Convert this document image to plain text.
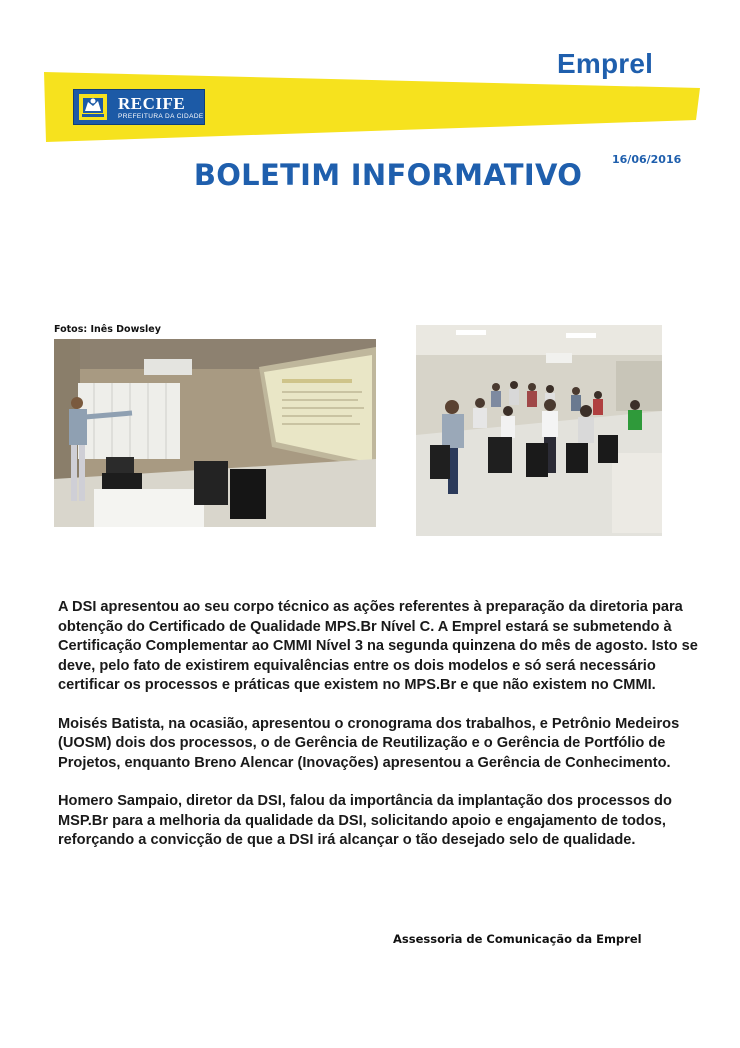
Emprel
RECIFE
PREFEITURA DA CIDADE
16/06/2016
BOLETIM INFORMATIVO
Fotos: Inês Dowsley

A DSI apresentou ao seu corpo técnico as ações referentes à preparação da diretoria para obtenção do Certificado de Qualidade MPS.Br Nível C. A Emprel estará se submetendo à Certificação Complementar ao CMMI Nível 3 na segunda quinzena do mês de agosto. Isto se deve, pelo fato de existirem equivalências entre os dois modelos e só será necessário certificar os processos e práticas que existem no MPS.Br e que não existem no CMMI.

Moisés Batista, na ocasião, apresentou o cronograma dos trabalhos, e Petrônio Medeiros (UOSM) dois dos processos, o de Gerência de Reutilização e o Gerência de Portfólio de Projetos, enquanto Breno Alencar (Inovações) apresentou a Gerência de Conhecimento.

Homero Sampaio, diretor da DSI, falou da importância da implantação dos processos do MSP.Br para a melhoria da qualidade da DSI, solicitando apoio e engajamento de todos, reforçando a convicção de que a DSI irá alcançar o tão desejado selo de qualidade.

Assessoria de Comunicação da Emprel
